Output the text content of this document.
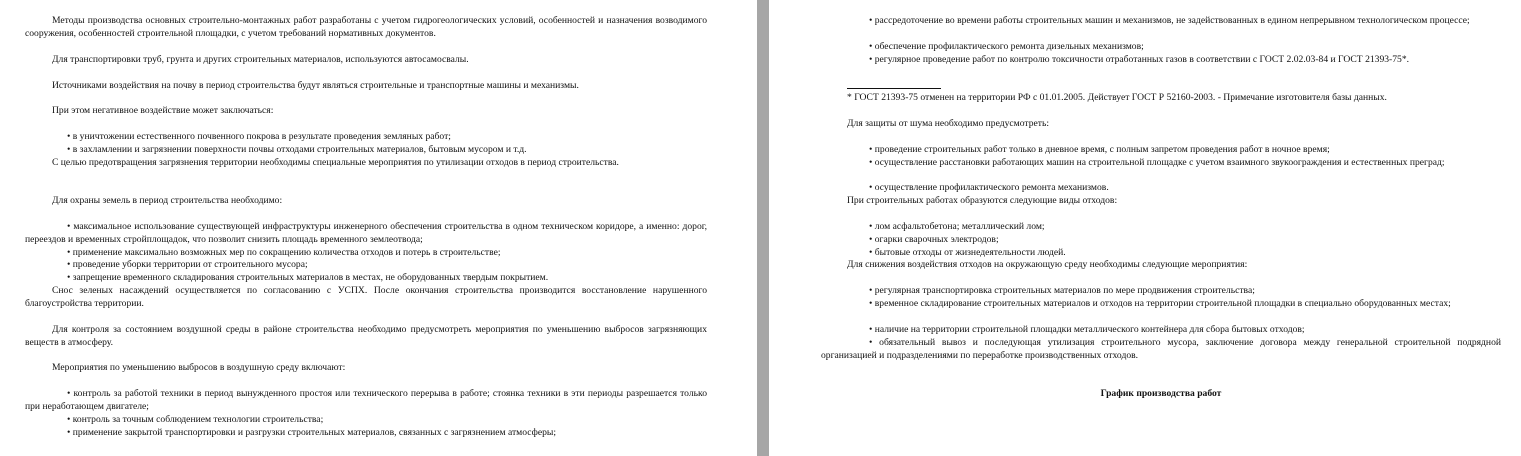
Методы производства основных строительно-монтажных работ разработаны с учетом гидрогеологических условий, особенностей и назначения возводимого сооружения, особенностей строительной площадки, с учетом требований нормативных документов.

Для транспортировки труб, грунта и других строительных материалов, используются автосамосвалы.

Источниками воздействия на почву в период строительства будут являться строительные и транспортные машины и механизмы.

При этом негативное воздействие может заключаться:

• в уничтожении естественного почвенного покрова в результате проведения земляных работ;

• в захламлении и загрязнении поверхности почвы отходами строительных материалов, бытовым мусором и т.д.

С целью предотвращения загрязнения территории необходимы специальные мероприятия по утилизации отходов в период строительства.

Для охраны земель в период строительства необходимо:

• максимальное использование существующей инфраструктуры инженерного обеспечения строительства в одном техническом коридоре, а именно: дорог, переездов и временных стройплощадок, что позволит снизить площадь временного землеотвода;

• применение максимально возможных мер по сокращению количества отходов и потерь в строительстве;

• проведение уборки территории от строительного мусора;

• запрещение временного складирования строительных материалов в местах, не оборудованных твердым покрытием.

Снос зеленых насаждений осуществляется по согласованию с УСПХ. После окончания строительства производится восстановление нарушенного благоустройства территории.

Для контроля за состоянием воздушной среды в районе строительства необходимо предусмотреть мероприятия по уменьшению выбросов загрязняющих веществ в атмосферу.

Мероприятия по уменьшению выбросов в воздушную среду включают:

• контроль за работой техники в период вынужденного простоя или технического перерыва в работе; стоянка техники в эти периоды разрешается только при неработающем двигателе;

• контроль за точным соблюдением технологии строительства;

• применение закрытой транспортировки и разгрузки строительных материалов, связанных с загрязнением атмосферы;

• рассредоточение во времени работы строительных машин и механизмов, не задействованных в едином непрерывном технологическом процессе;

• обеспечение профилактического ремонта дизельных механизмов;

• регулярное проведение работ по контролю токсичности отработанных газов в соответствии с ГОСТ 2.02.03-84 и ГОСТ 21393-75*.

* ГОСТ 21393-75 отменен на территории РФ с 01.01.2005. Действует ГОСТ Р 52160-2003. - Примечание изготовителя базы данных.

Для защиты от шума необходимо предусмотреть:

• проведение строительных работ только в дневное время, с полным запретом проведения работ в ночное время;

• осуществление расстановки работающих машин на строительной площадке с учетом взаимного звукоограждения и естественных преград;

• осуществление профилактического ремонта механизмов.

При строительных работах образуются следующие виды отходов:

• лом асфальтобетона; металлический лом;

• огарки сварочных электродов;

• бытовые отходы от жизнедеятельности людей.

Для снижения воздействия отходов на окружающую среду необходимы следующие мероприятия:

• регулярная транспортировка строительных материалов по мере продвижения строительства;

• временное складирование строительных материалов и отходов на территории строительной площадки в специально оборудованных местах;

• наличие на территории строительной площадки металлического контейнера для сбора бытовых отходов;

• обязательный вывоз и последующая утилизация строительного мусора, заключение договора между генеральной строительной подрядной организацией и подразделениями по переработке производственных отходов.

График производства работ
